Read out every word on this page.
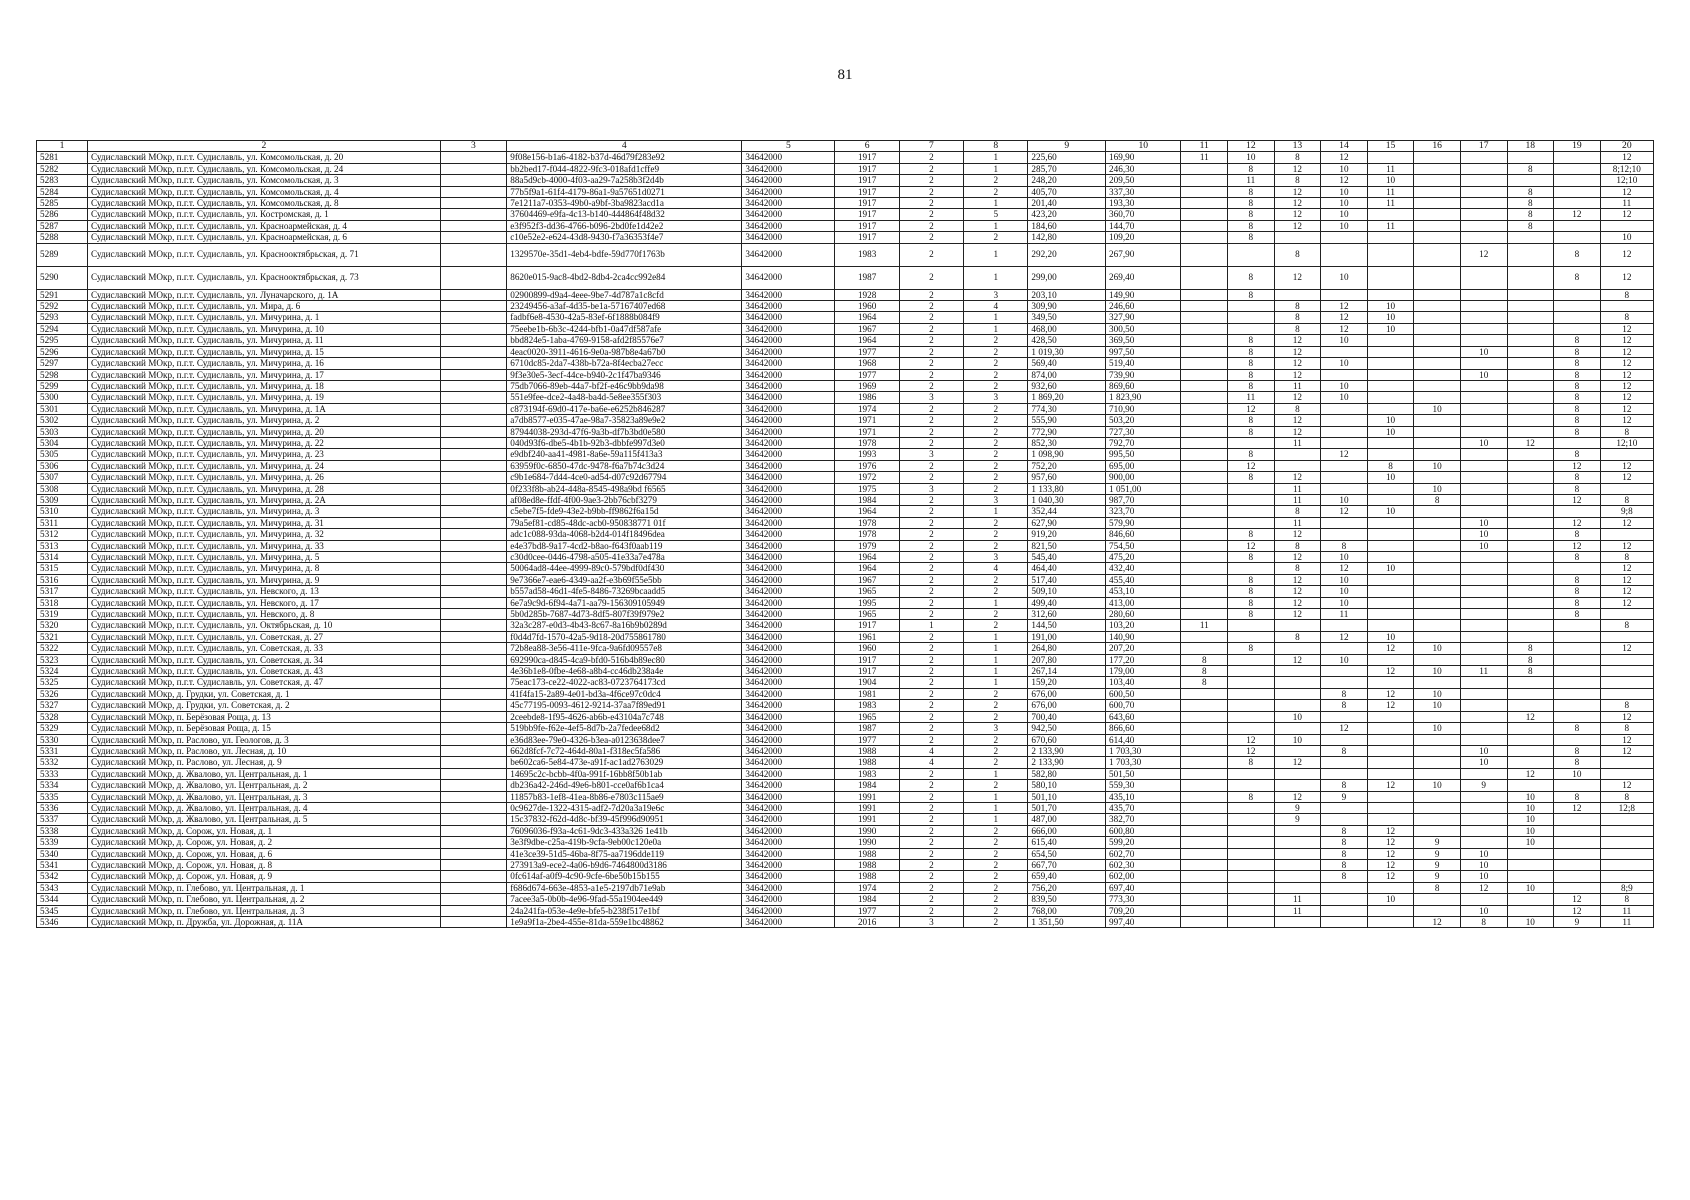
81
1	2	3	4	5	6	7	8	9	10	11	12	13	14	15	16	17	18	19	20
5281	Судиславский МОкр, п.г.т. Судиславль, ул. Комсомольская, д. 20		9f08e156-b1a6-4182-b37d-46d79f283e92	34642000	1917	2	1	225,60	169,90	11	10	8	12						12
5282	Судиславский МОкр, п.г.т. Судиславль, ул. Комсомольская, д. 24		bb2bed17-f044-4822-9fc3-018afd1cffe9	34642000	1917	2	1	285,70	246,30		8	12	10	11			8		8;12;10
5283	Судиславский МОкр, п.г.т. Судиславль, ул. Комсомольская, д. 3		88a5d9cb-4000-4f03-aa29-7a258b3f2d4b	34642000	1917	2	2	248,20	209,50		11	8	12	10					12;10
5284	Судиславский МОкр, п.г.т. Судиславль, ул. Комсомольская, д. 4		77b5f9a1-61f4-4179-86a1-9a57651d0271	34642000	1917	2	2	405,70	337,30		8	12	10	11			8		12
5285	Судиславский МОкр, п.г.т. Судиславль, ул. Комсомольская, д. 8		7e1211a7-0353-49b0-a9bf-3ba9823acd1a	34642000	1917	2	1	201,40	193,30		8	12	10	11			8		11
5286	Судиславский МОкр, п.г.т. Судиславль, ул. Костромская, д. 1		37604469-e9fa-4c13-b140-444864f48d32	34642000	1917	2	5	423,20	360,70		8	12	10				8	12	12
5287	Судиславский МОкр, п.г.т. Судиславль, ул. Красноармейская, д. 4		e3f952f3-dd36-4766-b096-2bd0fe1d42e2	34642000	1917	2	1	184,60	144,70		8	12	10	11			8		
5288	Судиславский МОкр, п.г.т. Судиславль, ул. Красноармейская, д. 6		c10e52e2-e624-43d8-9430-f7a36353f4e7	34642000	1917	2	2	142,80	109,20		8								10
5289	Судиславский МОкр, п.г.т. Судиславль, ул. Краснооктябрьская, д. 71		1329570e-35d1-4eb4-bdfe-59d770f1763b	34642000	1983	2	1	292,20	267,90			8				12		8	12
5290	Судиславский МОкр, п.г.т. Судиславль, ул. Краснооктябрьская, д. 73		8620e015-9ac8-4bd2-8db4-2ca4cc992e84	34642000	1987	2	1	299,00	269,40		8	12	10					8	12
5291	Судиславский МОкр, п.г.т. Судиславль, ул. Луначарского, д. 1А		02900899-d9a4-4eee-9be7-4d787a1c8cfd	34642000	1928	2	3	203,10	149,90		8								8
5292	Судиславский МОкр, п.г.т. Судиславль, ул. Мира, д. 6		23249456-a3af-4d35-be1a-57167407ed68	34642000	1960	2	4	309,90	246,60			8	12	10					
5293	Судиславский МОкр, п.г.т. Судиславль, ул. Мичурина, д. 1		fadbf6e8-4530-42a5-83ef-6f1888b084f9	34642000	1964	2	1	349,50	327,90			8	12	10					8
5294	Судиславский МОкр, п.г.т. Судиславль, ул. Мичурина, д. 10		75eebe1b-6b3c-4244-bfb1-0a47df587afe	34642000	1967	2	1	468,00	300,50			8	12	10					12
5295	Судиславский МОкр, п.г.т. Судиславль, ул. Мичурина, д. 11		bbd824e5-1aba-4769-9158-afd2f85576e7	34642000	1964	2	2	428,50	369,50		8	12	10					8	12
5296	Судиславский МОкр, п.г.т. Судиславль, ул. Мичурина, д. 15		4eac0020-3911-4616-9e0a-987b8e4a67b0	34642000	1977	2	2	1 019,30	997,50		8	12				10		8	12
5297	Судиславский МОкр, п.г.т. Судиславль, ул. Мичурина, д. 16		6710dc85-2da7-438b-b72a-8f4ecba27ecc	34642000	1968	2	2	569,40	519,40		8	12	10					8	12
5298	Судиславский МОкр, п.г.т. Судиславль, ул. Мичурина, д. 17		9f3e30e5-3ecf-44ce-b940-2c1f47ba9346	34642000	1977	2	2	874,00	739,90		8	12				10		8	12
5299	Судиславский МОкр, п.г.т. Судиславль, ул. Мичурина, д. 18		75db7066-89eb-44a7-bf2f-e46c9bb9da98	34642000	1969	2	2	932,60	869,60		8	11	10					8	12
5300	Судиславский МОкр, п.г.т. Судиславль, ул. Мичурина, д. 19		551e9fee-dce2-4a48-ba4d-5e8ee355f303	34642000	1986	3	3	1 869,20	1 823,90		11	12	10					8	12
5301	Судиславский МОкр, п.г.т. Судиславль, ул. Мичурина, д. 1А		c873194f-69d0-417e-ba6e-e6252b846287	34642000	1974	2	2	774,30	710,90		12	8			10			8	12
5302	Судиславский МОкр, п.г.т. Судиславль, ул. Мичурина, д. 2		a7db8577-e035-47ae-98a7-35823a89e9e2	34642000	1971	2	2	555,90	503,20		8	12		10				8	12
5303	Судиславский МОкр, п.г.т. Судиславль, ул. Мичурина, д. 20		87944038-293d-47f6-9a3b-df7b3bd0e580	34642000	1971	2	2	772,90	727,30		8	12		10				8	8
5304	Судиславский МОкр, п.г.т. Судиславль, ул. Мичурина, д. 22		040d93f6-dbe5-4b1b-92b3-dbbfe997d3e0	34642000	1978	2	2	852,30	792,70			11				10	12		12;10
5305	Судиславский МОкр, п.г.т. Судиславль, ул. Мичурина, д. 23		e9dbf240-aa41-4981-8a6e-59a115f413a3	34642000	1993	3	2	1 098,90	995,50		8		12					8	
5306	Судиславский МОкр, п.г.т. Судиславль, ул. Мичурина, д. 24		63959f0c-6850-47dc-9478-f6a7b74c3d24	34642000	1976	2	2	752,20	695,00		12			8	10			12	12
5307	Судиславский МОкр, п.г.т. Судиславль, ул. Мичурина, д. 26		c9b1e684-7d44-4ce0-ad54-d07c92d67794	34642000	1972	2	2	957,60	900,00		8	12		10				8	12
5308	Судиславский МОкр, п.г.т. Судиславль, ул. Мичурина, д. 28		0f233f8b-ab24-448a-8545-498a9bd f6565	34642000	1975	3	2	1 133,80	1 051,00			11			10			8	
5309	Судиславский МОкр, п.г.т. Судиславль, ул. Мичурина, д. 2А		af08ed8e-ffdf-4f00-9ae3-2bb76cbf3279	34642000	1984	2	3	1 040,30	987,70			11	10		8			12	8
5310	Судиславский МОкр, п.г.т. Судиславль, ул. Мичурина, д. 3		c5ebe7f5-fde9-43e2-b9bb-ff9862f6a15d	34642000	1964	2	1	352,44	323,70			8	12	10					9;8
5311	Судиславский МОкр, п.г.т. Судиславль, ул. Мичурина, д. 31		79a5ef81-cd85-48dc-acb0-950838771 01f	34642000	1978	2	2	627,90	579,90			11				10		12	12
5312	Судиславский МОкр, п.г.т. Судиславль, ул. Мичурина, д. 32		adc1c088-93da-4068-b2d4-014f18496dea	34642000	1978	2	2	919,20	846,60		8	12				10		8	
5313	Судиславский МОкр, п.г.т. Судиславль, ул. Мичурина, д. 33		e4e37bd8-9a17-4cd2-b8ao-f643f0aab119	34642000	1979	2	2	821,50	754,50		12	8	8			10		12	12
5314	Судиславский МОкр, п.г.т. Судиславль, ул. Мичурина, д. 5		c30d0cee-0446-4798-a505-41e33a7e478a	34642000	1964	2	3	545,40	475,20		8	12	10					8	8
5315	Судиславский МОкр, п.г.т. Судиславль, ул. Мичурина, д. 8		50064ad8-44ee-4999-89c0-579bdf0df430	34642000	1964	2	4	464,40	432,40			8	12	10					12
5316	Судиславский МОкр, п.г.т. Судиславль, ул. Мичурина, д. 9		9e7366e7-eae6-4349-aa2f-e3b69f55e5bb	34642000	1967	2	2	517,40	455,40		8	12	10					8	12
5317	Судиславский МОкр, п.г.т. Судиславль, ул. Невского, д. 13		b557ad58-46d1-4fe5-8486-73269bcaadd5	34642000	1965	2	2	509,10	453,10		8	12	10					8	12
5318	Судиславский МОкр, п.г.т. Судиславль, ул. Невского, д. 17		6e7a9c9d-6f94-4a71-aa79-156309105949	34642000	1995	2	1	499,40	413,00		8	12	10					8	12
5319	Судиславский МОкр, п.г.т. Судиславль, ул. Невского, д. 8		5b0d285b-7687-4d73-8df5-807f39f979e2	34642000	1965	2	2	312,60	280,60		8	12	11					8	
5320	Судиславский МОкр, п.г.т. Судиславль, ул. Октябрьская, д. 10		32a3c287-e0d3-4b43-8c67-8a16b9b0289d	34642000	1917	1	2	144,50	103,20	11									8
5321	Судиславский МОкр, п.г.т. Судиславль, ул. Советская, д. 27		f0d4d7fd-1570-42a5-9d18-20d755861780	34642000	1961	2	1	191,00	140,90			8	12	10					
5322	Судиславский МОкр, п.г.т. Судиславль, ул. Советская, д. 33		72b8ea88-3e56-411e-9fca-9a6fd09557e8	34642000	1960	2	1	264,80	207,20		8			12	10		8		12
5323	Судиславский МОкр, п.г.т. Судиславль, ул. Советская, д. 34		692990ca-d845-4ca9-bfd0-516b4b89ec80	34642000	1917	2	1	207,80	177,20	8		12	10				8		
5324	Судиславский МОкр, п.г.т. Судиславль, ул. Советская, д. 43		4e36b1e8-0fbe-4e68-a8b4-cc46db238a4e	34642000	1917	2	1	267,14	179,00	8				12	10	11	8		
5325	Судиславский МОкр, п.г.т. Судиславль, ул. Советская, д. 47		75eac173-ce22-4022-ac83-0723764173cd	34642000	1904	2	1	159,20	103,40	8									
5326	Судиславский МОкр, д. Грудки, ул. Советская, д. 1		41f4fa15-2a89-4e01-bd3a-4f6ce97c0dc4	34642000	1981	2	2	676,00	600,50				8	12	10				
5327	Судиславский МОкр, д. Грудки, ул. Советская, д. 2		45c77195-0093-4612-9214-37aa7f89ed91	34642000	1983	2	2	676,00	600,70				8	12	10				8
5328	Судиславский МОкр, п. Берёзовая Роща, д. 13		2ceebde8-1f95-4626-ab6b-e43104a7c748	34642000	1965	2	2	700,40	643,60			10					12		12
5329	Судиславский МОкр, п. Берёзовая Роща, д. 15		519bb9fe-f62e-4ef5-8d7b-2a7fedee68d2	34642000	1987	2	3	942,50	866,60				12		10			8	8
5330	Судиславский МОкр, п. Раслово, ул. Геологов, д. 3		e36d83ee-79e0-4326-b3ea-a0123638dee7	34642000	1977	2	2	670,60	614,40		12	10							12
5331	Судиславский МОкр, п. Раслово, ул. Лесная, д. 10		662d8fcf-7c72-464d-80a1-f318ec5fa586	34642000	1988	4	2	2 133,90	1 703,30		12		8			10		8	12
5332	Судиславский МОкр, п. Раслово, ул. Лесная, д. 9		be602ca6-5e84-473e-a91f-ac1ad2763029	34642000	1988	4	2	2 133,90	1 703,30		8	12				10		8	
5333	Судиславский МОкр, д. Жвалово, ул. Центральная, д. 1		14695c2c-bcbb-4f0a-991f-16bb8f50b1ab	34642000	1983	2	1	582,80	501,50								12	10	
5334	Судиславский МОкр, д. Жвалово, ул. Центральная, д. 2		db236a42-246d-49e6-b801-cce0af6b1ca4	34642000	1984	2	2	580,10	559,30				8	12	10	9			12
5335	Судиславский МОкр, д. Жвалово, ул. Центральная, д. 3		11857b83-1ef8-41ea-8b86-e7803c115ae9	34642000	1991	2	1	501,10	435,10		8	12	9				10	8	8
5336	Судиславский МОкр, д. Жвалово, ул. Центральная, д. 4		0c9627de-1322-4315-adf2-7d20a3a19e6c	34642000	1991	2	1	501,70	435,70			9					10	12	12;8
5337	Судиславский МОкр, д. Жвалово, ул. Центральная, д. 5		15c37832-f62d-4d8c-bf39-45f996d90951	34642000	1991	2	1	487,00	382,70			9					10		
5338	Судиславский МОкр, д. Сорож, ул. Новая, д. 1		76096036-f93a-4c61-9dc3-433a326 1e41b	34642000	1990	2	2	666,00	600,80				8	12			10		
5339	Судиславский МОкр, д. Сорож, ул. Новая, д. 2		3e3f9dbe-c25a-419b-9cfa-9eb00c120e0a	34642000	1990	2	2	615,40	599,20				8	12	9		10		
5340	Судиславский МОкр, д. Сорож, ул. Новая, д. 6		41e3ce39-51d5-46ba-8f75-aa7196dde119	34642000	1988	2	2	654,50	602,70				8	12	9	10			
5341	Судиславский МОкр, д. Сорож, ул. Новая, д. 8		273913a9-ece2-4a06-b9d6-7464800d3186	34642000	1988	2	2	667,70	602,30				8	12	9	10			
5342	Судиславский МОкр, д. Сорож, ул. Новая, д. 9		0fc614af-a0f9-4c90-9cfe-6be50b15b155	34642000	1988	2	2	659,40	602,00				8	12	9	10			
5343	Судиславский МОкр, п. Глебово, ул. Центральная, д. 1		f686d674-663e-4853-a1e5-2197db71e9ab	34642000	1974	2	2	756,20	697,40						8	12	10		8;9
5344	Судиславский МОкр, п. Глебово, ул. Центральная, д. 2		7acee3a5-0b0b-4e96-9fad-55a1904ee449	34642000	1984	2	2	839,50	773,30			11		10				12	8
5345	Судиславский МОкр, п. Глебово, ул. Центральная, д. 3		24a241fa-053e-4e9e-bfe5-b238f517e1bf	34642000	1977	2	2	768,00	709,20			11				10		12	11
5346	Судиславский МОкр, п. Дружба, ул. Дорожная, д. 11А		1e9a9f1a-2be4-455e-81da-559e1bc48862	34642000	2016	3	2	1 351,50	997,40						12	8	10	9	11
